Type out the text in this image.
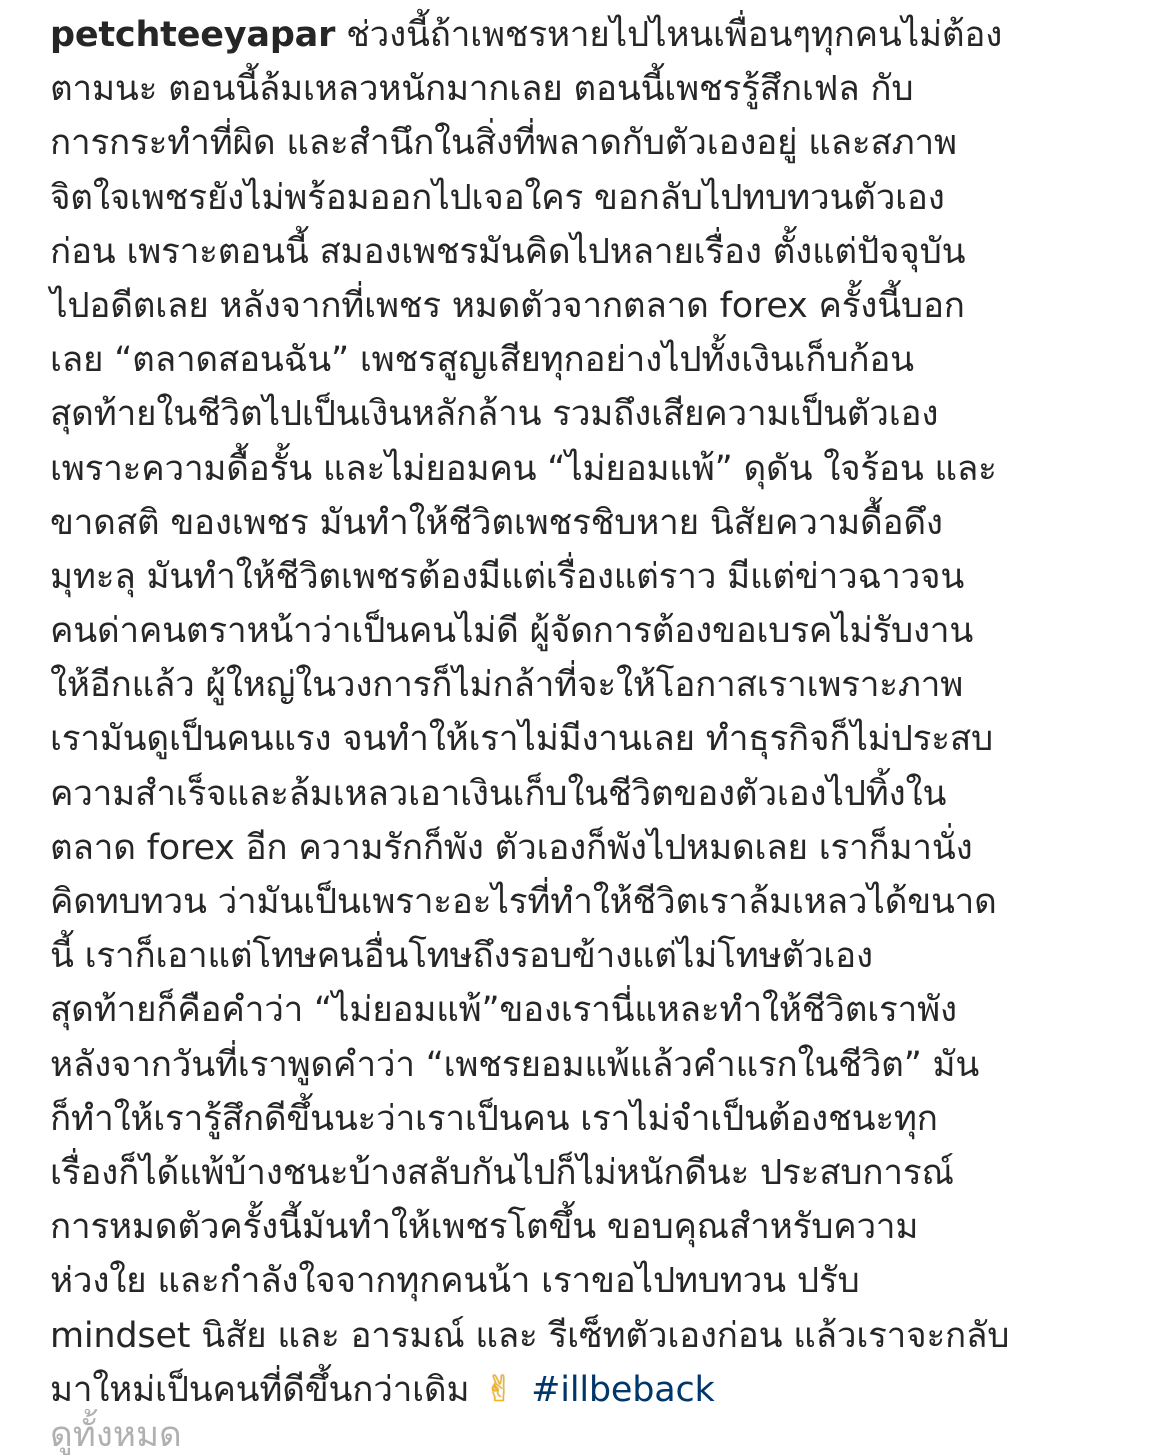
petchteeyapar ช่วงนี้ถ้าเพชรหายไปไหนเพื่อนๆทุกคนไม่ต้อง
ตามนะ ตอนนี้ล้มเหลวหนักมากเลย ตอนนี้เพชรรู้สึกเฟล กับ
การกระทำที่ผิด และสำนึกในสิ่งที่พลาดกับตัวเองอยู่ และสภาพ
จิตใจเพชรยังไม่พร้อมออกไปเจอใคร ขอกลับไปทบทวนตัวเอง
ก่อน เพราะตอนนี้ สมองเพชรมันคิดไปหลายเรื่อง ตั้งแต่ปัจจุบัน
ไปอดีตเลย หลังจากที่เพชร หมดตัวจากตลาด forex ครั้งนี้บอก
เลย “ตลาดสอนฉัน” เพชรสูญเสียทุกอย่างไปทั้งเงินเก็บก้อน
สุดท้ายในชีวิตไปเป็นเงินหลักล้าน รวมถึงเสียความเป็นตัวเอง
เพราะความดื้อรั้น และไม่ยอมคน “ไม่ยอมแพ้” ดุดัน ใจร้อน และ
ขาดสติ ของเพชร มันทำให้ชีวิตเพชรชิบหาย นิสัยความดื้อดึง
มุทะลุ มันทำให้ชีวิตเพชรต้องมีแต่เรื่องแต่ราว มีแต่ข่าวฉาวจน
คนด่าคนตราหน้าว่าเป็นคนไม่ดี ผู้จัดการต้องขอเบรคไม่รับงาน
ให้อีกแล้ว ผู้ใหญ่ในวงการก็ไม่กล้าที่จะให้โอกาสเราเพราะภาพ
เรามันดูเป็นคนแรง จนทำให้เราไม่มีงานเลย ทำธุรกิจก็ไม่ประสบ
ความสำเร็จและล้มเหลวเอาเงินเก็บในชีวิตของตัวเองไปทิ้งใน
ตลาด forex อีก ความรักก็พัง ตัวเองก็พังไปหมดเลย เราก็มานั่ง
คิดทบทวน ว่ามันเป็นเพราะอะไรที่ทำให้ชีวิตเราล้มเหลวได้ขนาด
นี้ เราก็เอาแต่โทษคนอื่นโทษถึงรอบข้างแต่ไม่โทษตัวเอง
สุดท้ายก็คือคำว่า “ไม่ยอมแพ้”ของเรานี่แหละทำให้ชีวิตเราพัง
หลังจากวันที่เราพูดคำว่า “เพชรยอมแพ้แล้วคำแรกในชีวิต” มัน
ก็ทำให้เรารู้สึกดีขึ้นนะว่าเราเป็นคน เราไม่จำเป็นต้องชนะทุก
เรื่องก็ได้แพ้บ้างชนะบ้างสลับกันไปก็ไม่หนักดีนะ ประสบการณ์
การหมดตัวครั้งนี้มันทำให้เพชรโตขึ้น ขอบคุณสำหรับความ
ห่วงใย และกำลังใจจากทุกคนน้า เราขอไปทบทวน ปรับ
mindset นิสัย และ อารมณ์ และ รีเซ็ทตัวเองก่อน แล้วเราจะกลับ
มาใหม่เป็นคนที่ดีขึ้นกว่าเดิม ✌ #illbeback
ดูทั้งหมด
